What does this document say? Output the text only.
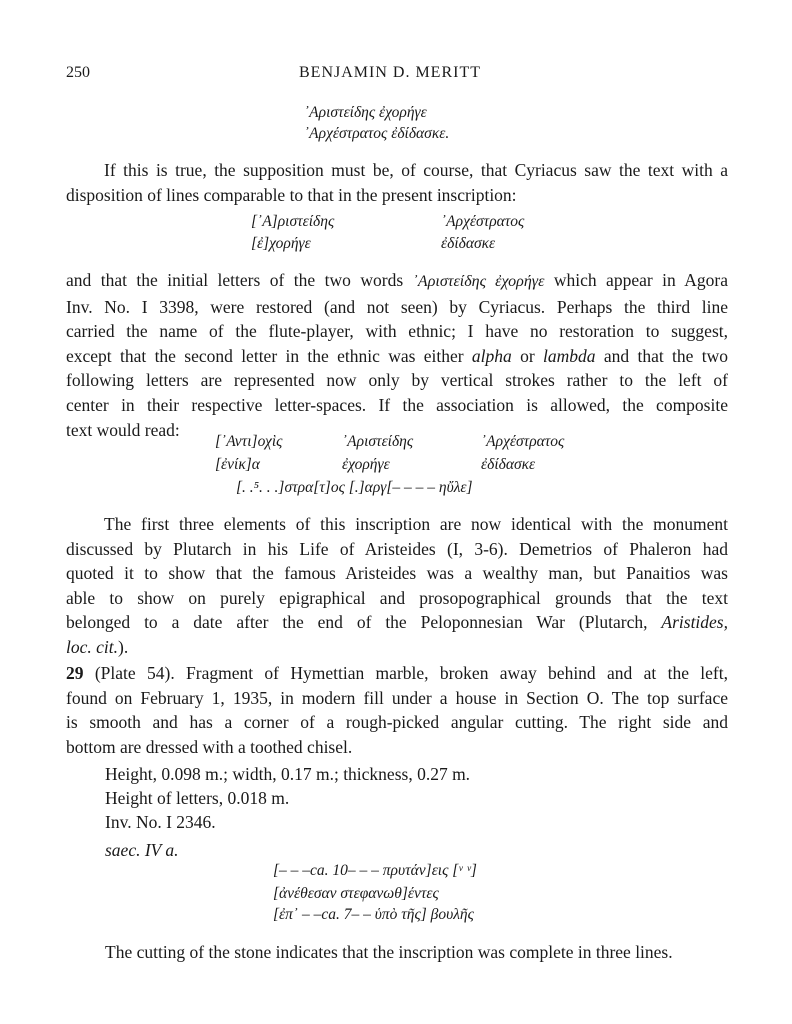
250	BENJAMIN D. MERITT
᾿Αριστείδης ἐχορήγε
᾿Αρχέστρατος ἐδίδασκε.
If this is true, the supposition must be, of course, that Cyriacus saw the text with a
disposition of lines comparable to that in the present inscription:
[᾿Α]ριστείδης
[ἐ]χορήγε
᾿Αρχέστρατος
ἐδίδασκε
and that the initial letters of the two words ᾿Αριστείδης ἐχορήγε which appear in Agora
Inv. No. I 3398, were restored (and not seen) by Cyriacus. Perhaps the third line
carried the name of the flute-player, with ethnic; I have no restoration to suggest,
except that the second letter in the ethnic was either alpha or lambda and that the two
following letters are represented now only by vertical strokes rather to the left of
center in their respective letter-spaces. If the association is allowed, the composite
text would read:
[᾿Αντι]οχὶς
[ἐνίκ]α
᾿Αριστείδης
ἐχορήγε
᾿Αρχέστρατος
ἐδίδασκε
[. .⁵. . .]στρα[τ]ος [.]αργ[– – – – ηὔλε]
The first three elements of this inscription are now identical with the monument
discussed by Plutarch in his Life of Aristeides (I, 3-6). Demetrios of Phaleron had
quoted it to show that the famous Aristeides was a wealthy man, but Panaitios was
able to show on purely epigraphical and prosopographical grounds that the text
belonged to a date after the end of the Peloponnesian War (Plutarch, Aristides,
loc. cit.).
29 (Plate 54). Fragment of Hymettian marble, broken away behind and at the left,
found on February 1, 1935, in modern fill under a house in Section Ο. The top surface
is smooth and has a corner of a rough-picked angular cutting. The right side and
bottom are dressed with a toothed chisel.
Height, 0.098 m.; width, 0.17 m.; thickness, 0.27 m.
Height of letters, 0.018 m.
Inv. No. I 2346.
saec. IV a.
[– – –ca. 10– – – πρυτάν]εις [ᵛ ᵛ]
[ἀνέθεσαν στεφανωθ]έντες
[ἐπ᾿ – –ca. 7– – ὑπὸ τῆς] βουλῆς
The cutting of the stone indicates that the inscription was complete in three lines.
